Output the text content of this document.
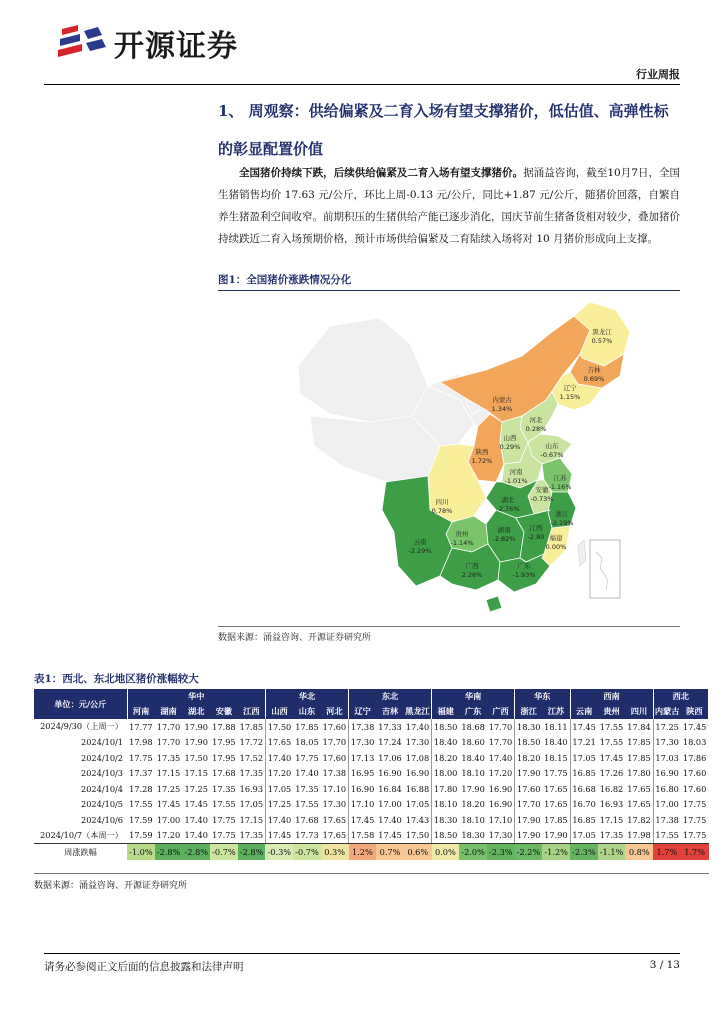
开源证券
行业周报
1、 周观察：供给偏紧及二育入场有望支撑猪价，低估值、高弹性标的彰显配置价值
全国猪价持续下跌，后续供给偏紧及二育入场有望支撑猪价。据涌益咨询，截至10月7日，全国生猪销售均价 17.63 元/公斤，环比上周-0.13 元/公斤，同比+1.87 元/公斤，随猪价回落，自繁自养生猪盈利空间收窄。前期积压的生猪供给产能已逐步消化，国庆节前生猪备货相对较少，叠加猪价持续跌近二育入场预期价格，预计市场供给偏紧及二育陆续入场将对 10 月猪价形成向上支撑。
图1：全国猪价涨跌情况分化
黑龙江
0.57%
吉林
0.69%
辽宁
1.15%
内蒙古
1.34%
河北
0.28%
山西
0.29%	山东
-0.67%
陕西
1.72%
河南
-1.01%	江苏
-1.16%
安徽
-0.73%
湖北
-2.76%
浙江
-2.19%
四川
0.78%
湖南
-2.82%
江西
-2.80 福建
0.00%
贵州
-1.14%
云南
-2.29%
广西
2.26%
广东
-1.93%
数据来源：涌益咨询、开源证券研究所
表1：西北、东北地区猪价涨幅较大
单位：元/公斤	华中					华北			东北			华南			华东		西南			西北	
	河南	湖南	湖北	安徽	江西	山西	山东	河北	辽宁	吉林	黑龙江	福建	广东	广西	浙江	江苏	云南	贵州	四川	内蒙古	陕西
2024/9/30（上周一）	17.77	17.70	17.90	17.88	17.85	17.50	17.85	17.60	17.38	17.33	17.40	18.50	18.68	17.70	18.30	18.11	17.45	17.55	17.84	17.25	17.45
2024/10/1	17.98	17.70	17.90	17.95	17.72	17.65	18.05	17.70	17.30	17.24	17.30	18.40	18.60	17.70	18.50	18.40	17.21	17.55	17.85	17.30	18.03
2024/10/2	17.75	17.35	17.50	17.95	17.52	17.40	17.75	17.60	17.13	17.06	17.08	18.20	18.40	17.40	18.20	18.15	17.05	17.45	17.85	17.03	17.86
2024/10/3	17.37	17.15	17.15	17.68	17.35	17.20	17.40	17.38	16.95	16.90	16.90	18.00	18.10	17.20	17.90	17.75	16.85	17.26	17.80	16.90	17.60
2024/10/4	17.28	17.25	17.25	17.35	16.93	17.05	17.35	17.10	16.90	16.84	16.88	17.80	17.90	16.90	17.60	17.65	16.68	16.82	17.65	16.80	17.60
2024/10/5	17.55	17.45	17.45	17.55	17.05	17.25	17.55	17.30	17.10	17.00	17.05	18.10	18.20	16.90	17.70	17.65	16.70	16.93	17.65	17.00	17.75
2024/10/6	17.59	17.00	17.40	17.75	17.15	17.40	17.68	17.65	17.45	17.40	17.43	18.30	18.10	17.10	17.90	17.85	16.85	17.15	17.82	17.38	17.75
2024/10/7（本周一）	17.59	17.20	17.40	17.75	17.35	17.45	17.73	17.65	17.58	17.45	17.50	18.50	18.30	17.30	17.90	17.90	17.05	17.35	17.98	17.55	17.75
周涨跌幅	-1.0%	-2.8%	-2.8%	-0.7%	-2.8%	-0.3%	-0.7%	0.3%	1.2%	0.7%	0.6%	0.0%	-2.0%	-2.3%	-2.2%	-1.2%	-2.3%	-1.1%	0.8%	1.7%	1.7%
数据来源：涌益咨询、开源证券研究所
请务必参阅正文后面的信息披露和法律声明	3 / 13
